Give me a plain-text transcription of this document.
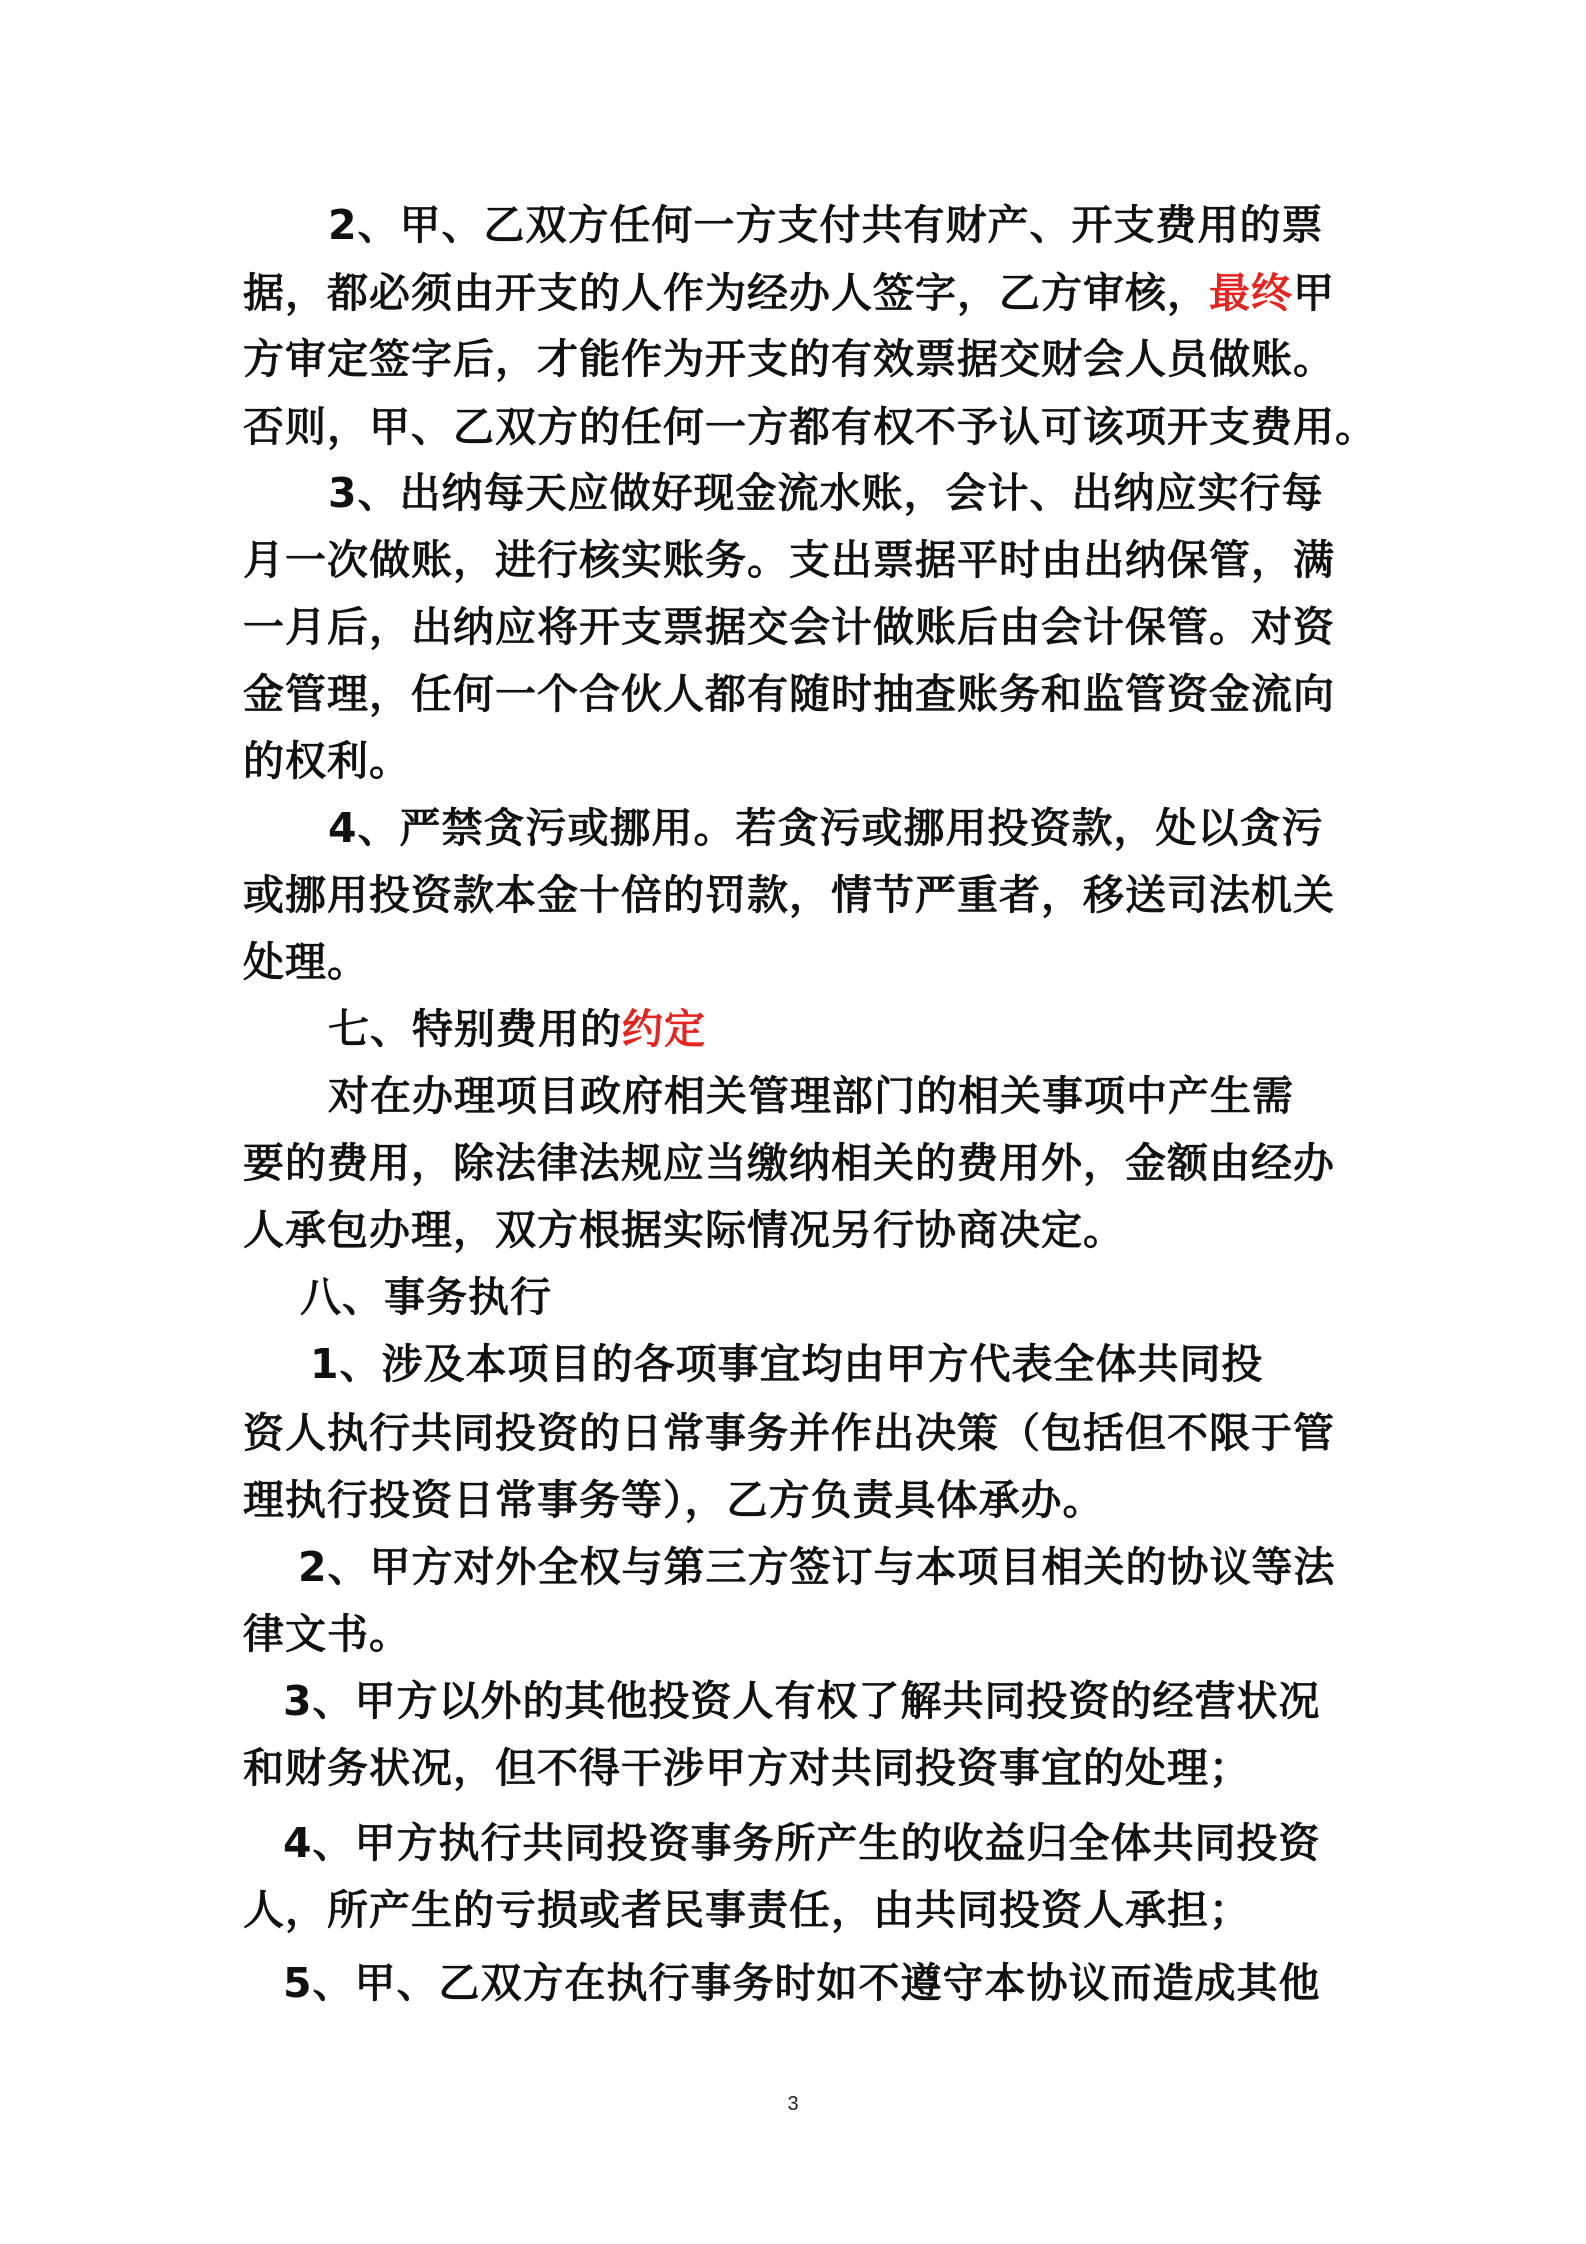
2、甲、乙双方任何一方支付共有财产、开支费用的票

据，都必须由开支的人作为经办人签字，乙方审核，最终甲

方审定签字后，才能作为开支的有效票据交财会人员做账。

否则，甲、乙双方的任何一方都有权不予认可该项开支费用。

3、出纳每天应做好现金流水账，会计、出纳应实行每

月一次做账，进行核实账务。支出票据平时由出纳保管，满

一月后，出纳应将开支票据交会计做账后由会计保管。对资

金管理，任何一个合伙人都有随时抽查账务和监管资金流向

的权利。

4、严禁贪污或挪用。若贪污或挪用投资款，处以贪污

或挪用投资款本金十倍的罚款，情节严重者，移送司法机关

处理。

七、特别费用的约定

对在办理项目政府相关管理部门的相关事项中产生需

要的费用，除法律法规应当缴纳相关的费用外，金额由经办

人承包办理，双方根据实际情况另行协商决定。

八、事务执行

1、涉及本项目的各项事宜均由甲方代表全体共同投

资人执行共同投资的日常事务并作出决策（包括但不限于管

理执行投资日常事务等），乙方负责具体承办。

2、甲方对外全权与第三方签订与本项目相关的协议等法

律文书。

3、甲方以外的其他投资人有权了解共同投资的经营状况

和财务状况，但不得干涉甲方对共同投资事宜的处理；

4、甲方执行共同投资事务所产生的收益归全体共同投资

人，所产生的亏损或者民事责任，由共同投资人承担；

5、甲、乙双方在执行事务时如不遵守本协议而造成其他

3
